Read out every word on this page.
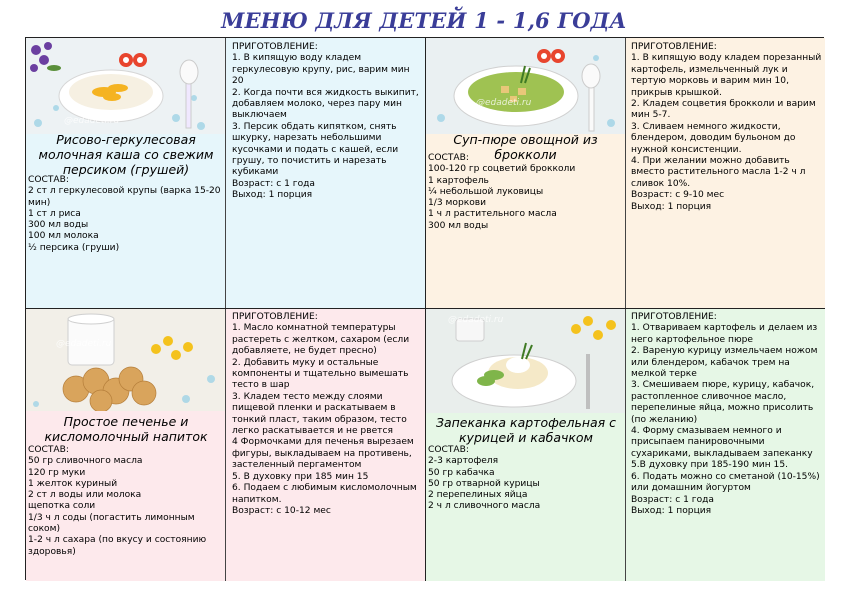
МЕНЮ ДЛЯ ДЕТЕЙ 1 - 1,6 ГОДА
@edadeti.ru
Рисово-геркулесовая молочная каша со свежим персиком (грушей)
СОСТАВ:
2 ст л геркулесовой крупы (варка 15-20 мин)
1 ст л риса
300 мл воды
100 мл молока
½ персика (груши)
ПРИГОТОВЛЕНИЕ:
1. В кипящую воду кладем геркулесовую крупу, рис, варим мин 20
2. Когда почти вся жидкость выкипит, добавляем молоко, через пару мин выключаем
3. Персик обдать кипятком, снять шкурку, нарезать небольшими кусочками и подать с кашей, если грушу, то почистить и нарезать кубиками
Возраст: с 1 года
Выход: 1 порция
@edadeti.ru
Суп-пюре овощной из брокколи
СОСТАВ:
100-120 гр соцветий брокколи
1 картофель
¼ небольшой луковицы
1/3 моркови
1 ч л растительного масла
300 мл воды
ПРИГОТОВЛЕНИЕ:
1. В кипящую воду кладем порезанный картофель, измельченный лук и тертую морковь и варим мин 10, прикрыв крышкой.
2. Кладем соцветия брокколи и варим мин 5-7.
3. Сливаем немного жидкости, блендером, доводим бульоном до нужной консистенции.
4. При желании можно добавить вместо растительного масла 1-2 ч л сливок 10%.
Возраст: с 9-10 мес
Выход: 1 порция
@edadeti.ru
Простое печенье и кисломолочный напиток
СОСТАВ:
50 гр сливочного масла
120 гр муки
1 желток куриный
2 ст л воды или молока
щепотка соли
1/3 ч л соды (погастить лимонным соком)
1-2 ч л сахара (по вкусу и состоянию здоровья)
ПРИГОТОВЛЕНИЕ:
1. Масло комнатной температуры растереть с желтком, сахаром (если добавляете, не будет пресно)
2. Добавить муку и остальные компоненты и тщательно вымешать тесто в шар
3. Кладем тесто между слоями пищевой пленки и раскатываем в тонкий пласт, таким образом, тесто легко раскатывается и не рвется
4 Формочками для печенья вырезаем фигуры, выкладываем на противень, застеленный пергаментом
5. В духовку при 185 мин 15
6. Подаем с любимым кисломолочным напитком.
Возраст: с 10-12 мес
@edadeti.ru
Запеканка картофельная с курицей и кабачком
СОСТАВ:
2-3 картофеля
50 гр кабачка
50 гр отварной курицы
2 перепелиных яйца
2 ч л сливочного масла
ПРИГОТОВЛЕНИЕ:
1. Отвариваем картофель и делаем из него картофельное пюре
2. Вареную курицу измельчаем ножом или блендером, кабачок трем на мелкой терке
3. Смешиваем пюре, курицу, кабачок, растопленное сливочное масло, перепелиные яйца, можно присолить (по желанию)
4. Форму смазываем немного и присыпаем панировочными сухариками, выкладываем запеканку
5.В духовку при 185-190 мин 15.
6. Подать можно со сметаной (10-15%) или домашним йогуртом
Возраст: с 1 года
Выход: 1 порция
